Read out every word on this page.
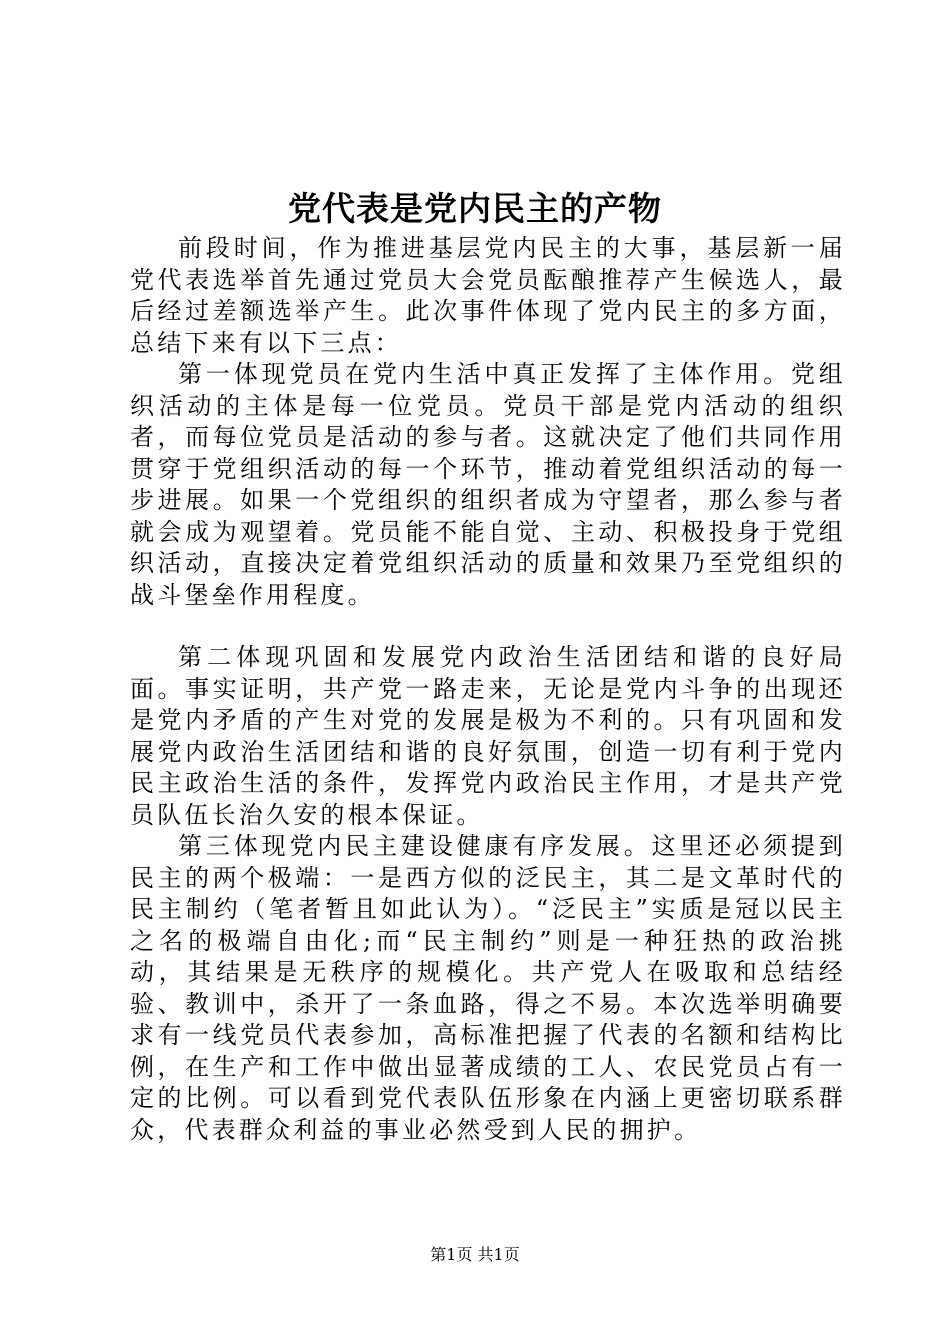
党代表是党内民主的产物

前段时间，作为推进基层党内民主的大事，基层新一届党代表选举首先通过党员大会党员酝酿推荐产生候选人，最后经过差额选举产生。此次事件体现了党内民主的多方面，总结下来有以下三点：

第一体现党员在党内生活中真正发挥了主体作用。党组织活动的主体是每一位党员。党员干部是党内活动的组织者，而每位党员是活动的参与者。这就决定了他们共同作用贯穿于党组织活动的每一个环节，推动着党组织活动的每一步进展。如果一个党组织的组织者成为守望者，那么参与者就会成为观望着。党员能不能自觉、主动、积极投身于党组织活动，直接决定着党组织活动的质量和效果乃至党组织的战斗堡垒作用程度。

第二体现巩固和发展党内政治生活团结和谐的良好局面。事实证明，共产党一路走来，无论是党内斗争的出现还是党内矛盾的产生对党的发展是极为不利的。只有巩固和发展党内政治生活团结和谐的良好氛围，创造一切有利于党内民主政治生活的条件，发挥党内政治民主作用，才是共产党员队伍长治久安的根本保证。

第三体现党内民主建设健康有序发展。这里还必须提到民主的两个极端：一是西方似的泛民主，其二是文革时代的民主制约（笔者暂且如此认为）。“泛民主”实质是冠以民主之名的极端自由化;而“民主制约”则是一种狂热的政治挑动，其结果是无秩序的规模化。共产党人在吸取和总结经验、教训中，杀开了一条血路，得之不易。本次选举明确要求有一线党员代表参加，高标准把握了代表的名额和结构比例，在生产和工作中做出显著成绩的工人、农民党员占有一定的比例。可以看到党代表队伍形象在内涵上更密切联系群众，代表群众利益的事业必然受到人民的拥护。

第1页 共1页
